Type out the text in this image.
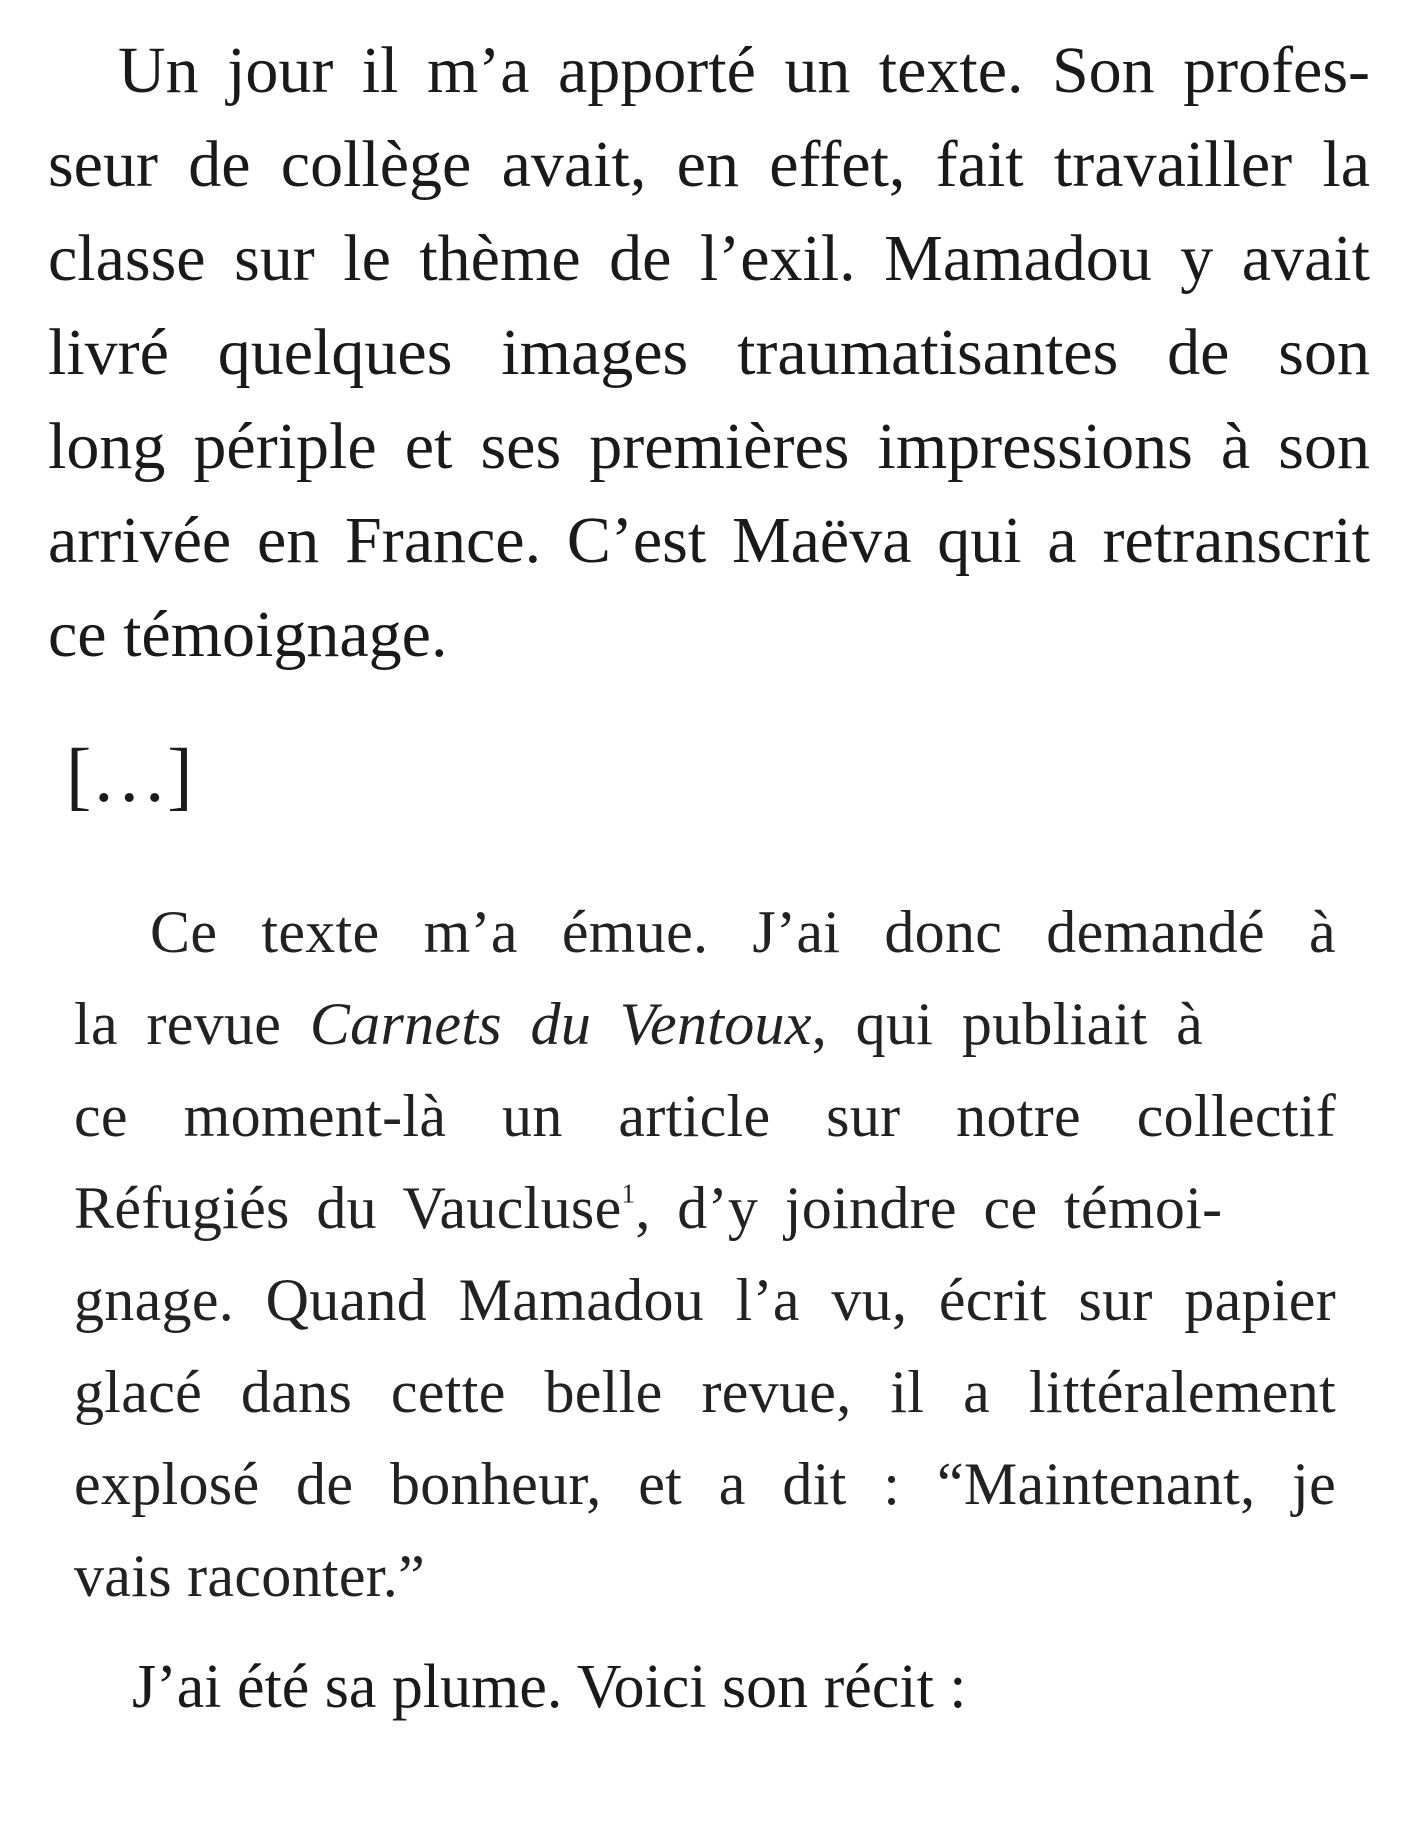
Un jour il m’a apporté un texte. Son profes-
seur de collège avait, en effet, fait travailler la
classe sur le thème de l’exil. Mamadou y avait
livré quelques images traumatisantes de son
long périple et ses premières impressions à son
arrivée en France. C’est Maëva qui a retranscrit
ce témoignage.
[…]
Ce texte m’a émue. J’ai donc demandé à
la revue Carnets du Ventoux, qui publiait à
ce moment-là un article sur notre collectif
Réfugiés du Vaucluse$^1$, d’y joindre ce témoi-
gnage. Quand Mamadou l’a vu, écrit sur papier
glacé dans cette belle revue, il a littéralement
explosé de bonheur, et a dit : “Maintenant, je
vais raconter.”
J’ai été sa plume. Voici son récit :
